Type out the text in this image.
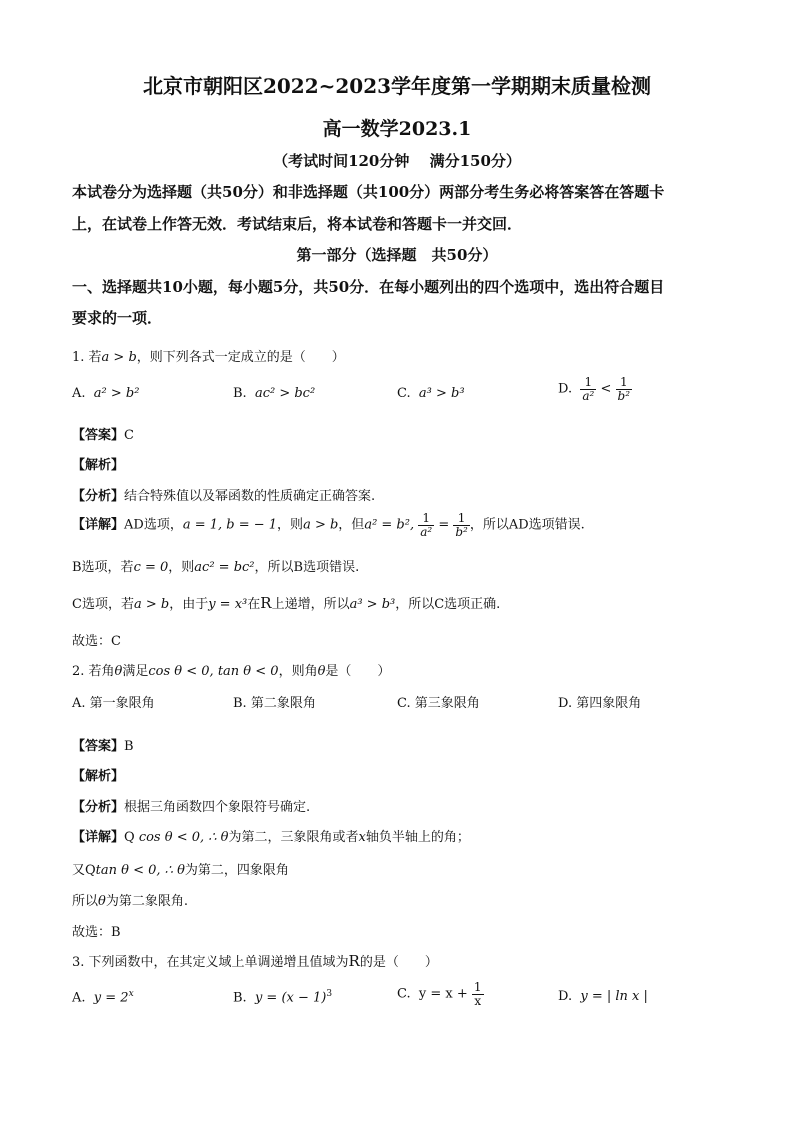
北京市朝阳区2022~2023学年度第一学期期末质量检测
高一数学2023.1
（考试时间120分钟　 满分150分）
本试卷分为选择题（共50分）和非选择题（共100分）两部分考生务必将答案答在答题卡
上，在试卷上作答无效．考试结束后，将本试卷和答题卡一并交回．
第一部分（选择题　共50分）
一、选择题共10小题，每小题5分，共50分．在每小题列出的四个选项中，选出符合题目
要求的一项．
1. 若a > b，则下列各式一定成立的是（　　）
A. a² > b²	B. ac² > bc²	C. a³ > b³	D. $\frac{1}{\text{a²}} < \frac{1}{\text{b²}}$
【答案】C
【解析】
【分析】结合特殊值以及幂函数的性质确定正确答案.
【详解】AD选项，a = 1, b = − 1，则a > b，但a² = b², $\frac{1}{\text{a²}} = \frac{1}{\text{b²}}$ ，所以AD选项错误.
B选项，若c = 0，则ac² = bc²，所以B选项错误.
C选项，若a > b，由于y = x³在R上递增，所以a³ > b³，所以C选项正确.
故选：C
2. 若角θ满足cos θ < 0, tan θ < 0，则角θ是（　　）
A. 第一象限角	B. 第二象限角	C. 第三象限角	D. 第四象限角
【答案】B
【解析】
【分析】根据三角函数四个象限符号确定.
【详解】Q cos θ < 0, ∴ θ为第二，三象限角或者x轴负半轴上的角；
又Qtan θ < 0, ∴ θ为第二，四象限角
所以θ为第二象限角.
故选：B
3. 下列函数中，在其定义域上单调递增且值域为R的是（　　）
A. $y = 2^x$	B. $y = (x - 1)^3$	C. $y = x + \frac{1}{x}$	D. y = | ln x |
